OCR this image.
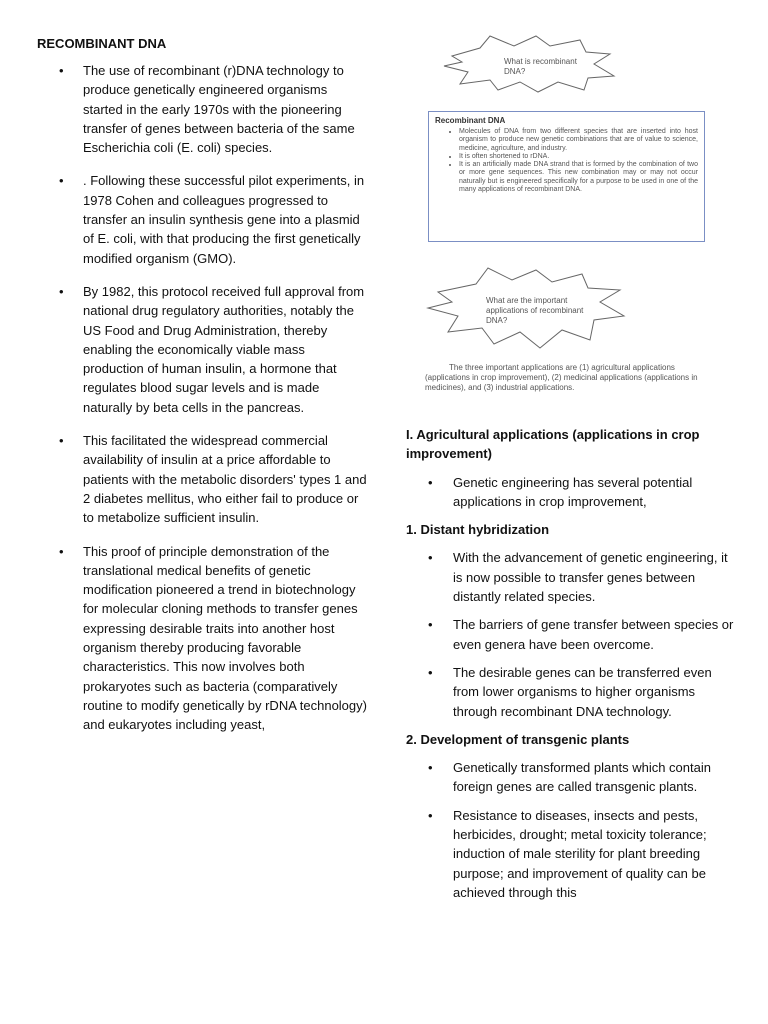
RECOMBINANT DNA
• The use of recombinant (r)DNA technology to produce genetically engineered organisms started in the early 1970s with the pioneering transfer of genes between bacteria of the same Escherichia coli (E. coli) species.
• . Following these successful pilot experiments, in 1978 Cohen and colleagues progressed to transfer an insulin synthesis gene into a plasmid of E. coli, with that producing the first genetically modified organism (GMO).
• By 1982, this protocol received full approval from national drug regulatory authorities, notably the US Food and Drug Administration, thereby enabling the economically viable mass production of human insulin, a hormone that regulates blood sugar levels and is made naturally by beta cells in the pancreas.
• This facilitated the widespread commercial availability of insulin at a price affordable to patients with the metabolic disorders' types 1 and 2 diabetes mellitus, who either fail to produce or to metabolize sufficient insulin.
• This proof of principle demonstration of the translational medical benefits of genetic modification pioneered a trend in biotechnology for molecular cloning methods to transfer genes expressing desirable traits into another host organism thereby producing favorable characteristics. This now involves both prokaryotes such as bacteria (comparatively routine to modify genetically by rDNA technology) and eukaryotes including yeast,
What is recombinant DNA?
Recombinant DNA
• Molecules of DNA from two different species that are inserted into host organism to produce new genetic combinations that are of value to science, medicine, agriculture, and industry.
• It is often shortened to rDNA.
• It is an artificially made DNA strand that is formed by the combination of two or more gene sequences. This new combination may or may not occur naturally but is engineered specifically for a purpose to be used in one of the many applications of recombinant DNA.
What are the important applications of recombinant DNA?
The three important applications are (1) agricultural applications (applications in crop improvement), (2) medicinal applications (applications in medicines), and (3) industrial applications.
I. Agricultural applications (applications in crop improvement)
• Genetic engineering has several potential applications in crop improvement,
1. Distant hybridization
• With the advancement of genetic engineering, it is now possible to transfer genes between distantly related species.
• The barriers of gene transfer between species or even genera have been overcome.
• The desirable genes can be transferred even from lower organisms to higher organisms through recombinant DNA technology.
2. Development of transgenic plants
• Genetically transformed plants which contain foreign genes are called transgenic plants.
• Resistance to diseases, insects and pests, herbicides, drought; metal toxicity tolerance; induction of male sterility for plant breeding purpose; and improvement of quality can be achieved through this
